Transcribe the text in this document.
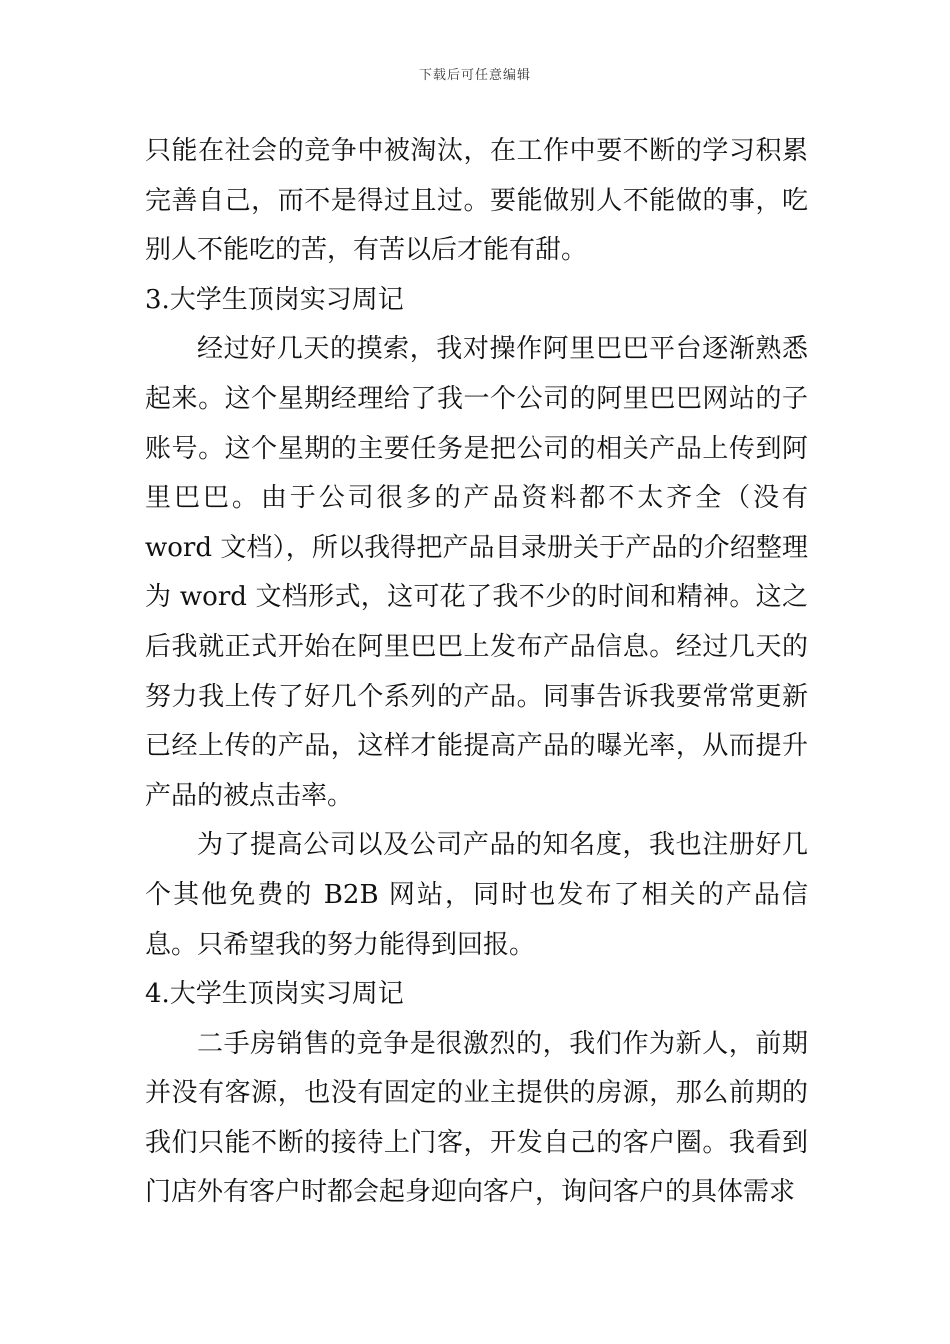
下载后可任意编辑

只能在社会的竞争中被淘汰，在工作中要不断的学习积累完善自己，而不是得过且过。要能做别人不能做的事，吃别人不能吃的苦，有苦以后才能有甜。

3.大学生顶岗实习周记

经过好几天的摸索，我对操作阿里巴巴平台逐渐熟悉起来。这个星期经理给了我一个公司的阿里巴巴网站的子账号。这个星期的主要任务是把公司的相关产品上传到阿里巴巴。由于公司很多的产品资料都不太齐全（没有 word 文档），所以我得把产品目录册关于产品的介绍整理为 word 文档形式，这可花了我不少的时间和精神。这之后我就正式开始在阿里巴巴上发布产品信息。经过几天的努力我上传了好几个系列的产品。同事告诉我要常常更新已经上传的产品，这样才能提高产品的曝光率，从而提升产品的被点击率。

为了提高公司以及公司产品的知名度，我也注册好几个其他免费的 B2B 网站，同时也发布了相关的产品信息。只希望我的努力能得到回报。

4.大学生顶岗实习周记

二手房销售的竞争是很激烈的，我们作为新人，前期并没有客源，也没有固定的业主提供的房源，那么前期的我们只能不断的接待上门客，开发自己的客户圈。我看到门店外有客户时都会起身迎向客户，询问客户的具体需求
